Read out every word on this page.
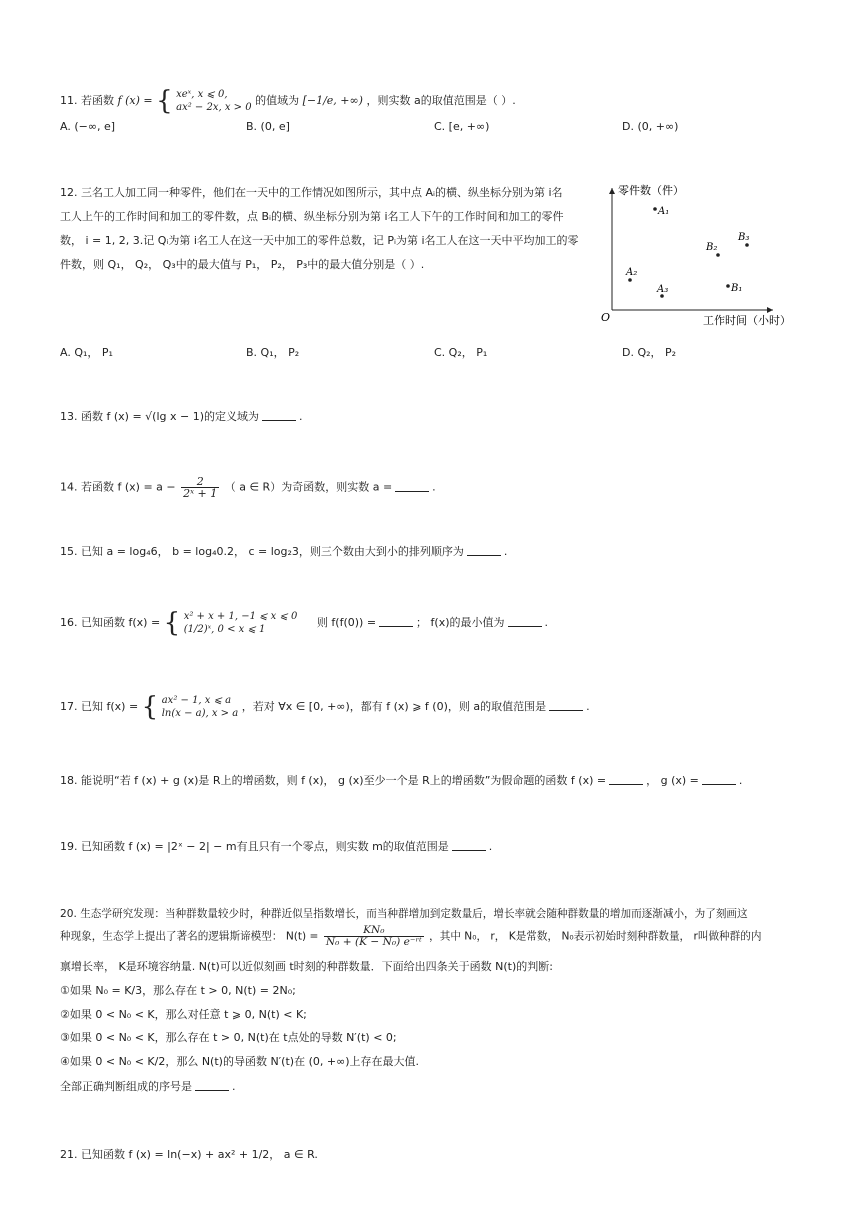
11. 若函数 f (x) = { xeˣ, x ⩽ 0,
ax² − 2x, x > 0
的值域为 [−1/e, +∞) ，则实数 a的取值范围是（ ）.
A. (−∞, e]	B. (0, e]	C. [e, +∞)	D. (0, +∞)
12. 三名工人加工同一种零件，他们在一天中的工作情况如图所示，其中点 Aᵢ的横、纵坐标分别为第 i名
工人上午的工作时间和加工的零件数，点 Bᵢ的横、纵坐标分别为第 i名工人下午的工作时间和加工的零件
数， i = 1, 2, 3.记 Qᵢ为第 i名工人在这一天中加工的零件总数，记 Pᵢ为第 i名工人在这一天中平均加工的零
件数，则 Q₁， Q₂， Q₃中的最大值与 P₁， P₂， P₃中的最大值分别是（ ）.
零件数（件）
工作时间（小时）
O
A₁
A₂
A₃	B₁
B₂
B₃
A. Q₁， P₁	B. Q₁， P₂	C. Q₂， P₁	D. Q₂， P₂
13. 函数 f (x) = √(lg x − 1)的定义域为	.
14. 若函数 f $(x) = a - \frac{2}{\text{2ˣ + 1}}$ （ a ∈ R）为奇函数，则实数 a =	.
15. 已知 a = log₄6， b = log₄0.2， c = log₂3，则三个数由大到小的排列顺序为	.
16. 已知函数 f(x) = { x² + x + 1, −1 ⩽ x ⩽ 0
(1/2)ˣ, 0 < x ⩽ 1
则 f(f(0)) =	； f(x)的最小值为	.
17. 已知 f(x) = { ax² − 1, x ⩽ a
ln(x − a), x > a
，若对 ∀x ∈ [0, +∞)，都有 f (x) ⩾ f (0)，则 a的取值范围是	.
18. 能说明“若 f (x) + g (x)是 R上的增函数，则 f (x)， g (x)至少一个是 R上的增函数”为假命题的函数 f (x) =	， g (x) =	.
19. 已知函数 f (x) = |2ˣ − 2| − m有且只有一个零点，则实数 m的取值范围是	.
20. 生态学研究发现：当种群数量较少时，种群近似呈指数增长，而当种群增加到定数量后，增长率就会随种群数量的增加而逐渐减小，为了刻画这
种现象，生态学上提出了著名的逻辑斯谛模型： $N(t) = \frac{\text{KN₀}}{\text{N₀ + (K − N₀) e⁻ʳᵗ}}$ ，其中 N₀， r， K是常数， N₀表示初始时刻种群数量， r叫做种群的内
禀增长率， K是环境容纳量. N(t)可以近似刻画 t时刻的种群数量．下面给出四条关于函数 N(t)的判断:
①如果 N₀ = K/3，那么存在 t > 0, N(t) = 2N₀;
②如果 0 < N₀ < K，那么对任意 t ⩾ 0, N(t) < K;
③如果 0 < N₀ < K，那么存在 t > 0, N(t)在 t点处的导数 N′(t) < 0;
④如果 0 < N₀ < K/2，那么 N(t)的导函数 N′(t)在 (0, +∞)上存在最大值.
全部正确判断组成的序号是	.
21. 已知函数 f (x) = ln(−x) + ax² + 1/2， a ∈ R.
